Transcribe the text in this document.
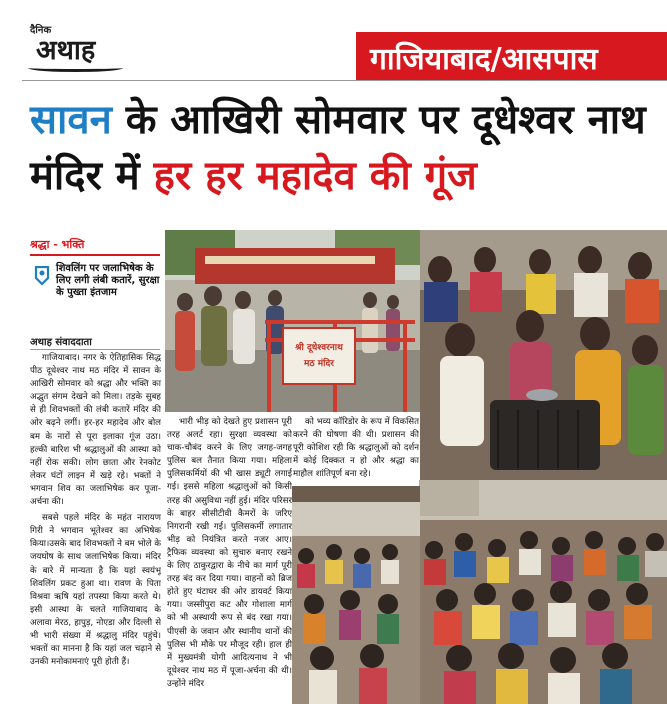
दैनिक
अथाह	गाजियाबाद/आसपास
सावन के आखिरी सोमवार पर दूधेश्वर नाथ मंदिर में हर हर महादेव की गूंज
श्रद्धा - भक्ति
शिवलिंग पर जलाभिषेक के लिए लगी लंबी कतारें, सुरक्षा के पुख्ता इंतजाम
अथाह संवाददाता

गाजियाबाद। नगर के ऐतिहासिक सिद्ध पीठ दूधेश्वर नाथ मठ मंदिर में सावन के आखिरी सोमवार को श्रद्धा और भक्ति का अद्भुत संगम देखने को मिला। तड़के सुबह से ही शिवभक्तों की लंबी कतारें मंदिर की ओर बढ़ने लगीं। हर-हर महादेव और बोल बम के नारों से पूरा इलाका गूंज उठा। हल्की बारिश भी श्रद्धालुओं की आस्था को नहीं रोक सकी। लोग छाता और रेनकोट लेकर घंटों लाइन में खड़े रहे। भक्तों ने भगवान शिव का जलाभिषेक कर पूजा-अर्चना की।

सबसे पहले मंदिर के महंत नारायण गिरी ने भगवान भूतेश्वर का अभिषेक किया।उसके बाद शिवभक्तों ने बम भोले के जयघोष के साथ जलाभिषेक किया। मंदिर के बारे में मान्यता है कि यहां स्वयंभू शिवलिंग प्रकट हुआ था। रावण के पिता विश्रवा ऋषि यहां तपस्या किया करते थे। इसी आस्था के चलते गाजियाबाद के अलावा मेरठ, हापुड़, नोएडा और दिल्ली से भी भारी संख्या में श्रद्धालु मंदिर पहुंचे। भक्तों का मानना है कि यहां जल चढ़ाने से उनकी मनोकामनाएं पूरी होती हैं।

भारी भीड़ को देखते हुए प्रशासन पूरी तरह अलर्ट रहा। सुरक्षा व्यवस्था को चाक-चौबंद करने के लिए जगह-जगह पुलिस बल तैनात किया गया। महिला पुलिसकर्मियों की भी खास ड्यूटी लगाई गई। इससे महिला श्रद्धालुओं को किसी तरह की असुविधा नहीं हुई। मंदिर परिसर के बाहर सीसीटीवी कैमरों के जरिए निगरानी रखी गई। पुलिसकर्मी लगातार भीड़ को नियंत्रित करते नजर आए। ट्रैफिक व्यवस्था को सुचारु बनाए रखने के लिए ठाकुरद्वारा के नीचे का मार्ग पूरी तरह बंद कर दिया गया। वाहनों को ब्रिज होते हुए घंटाघर की ओर डायवर्ट किया गया। जस्सीपुरा कट और गोशाला मार्ग को भी अस्थायी रूप से बंद रखा गया। पीएसी के जवान और स्थानीय थानों की पुलिस भी मौके पर मौजूद रही। हाल ही में मुख्यमंत्री योगी आदित्यनाथ ने भी दूधेश्वर नाथ मठ में पूजा-अर्चना की थी। उन्होंने मंदिर

को भव्य कॉरिडोर के रूप में विकसित करने की घोषणा की थी। प्रशासन की पूरी कोशिश रही कि श्रद्धालुओं को दर्शन में कोई दिक्कत न हो और श्रद्धा का माहौल शांतिपूर्ण बना रहे।

श्री दूधेश्वरनाथ
मठ मंदिर
